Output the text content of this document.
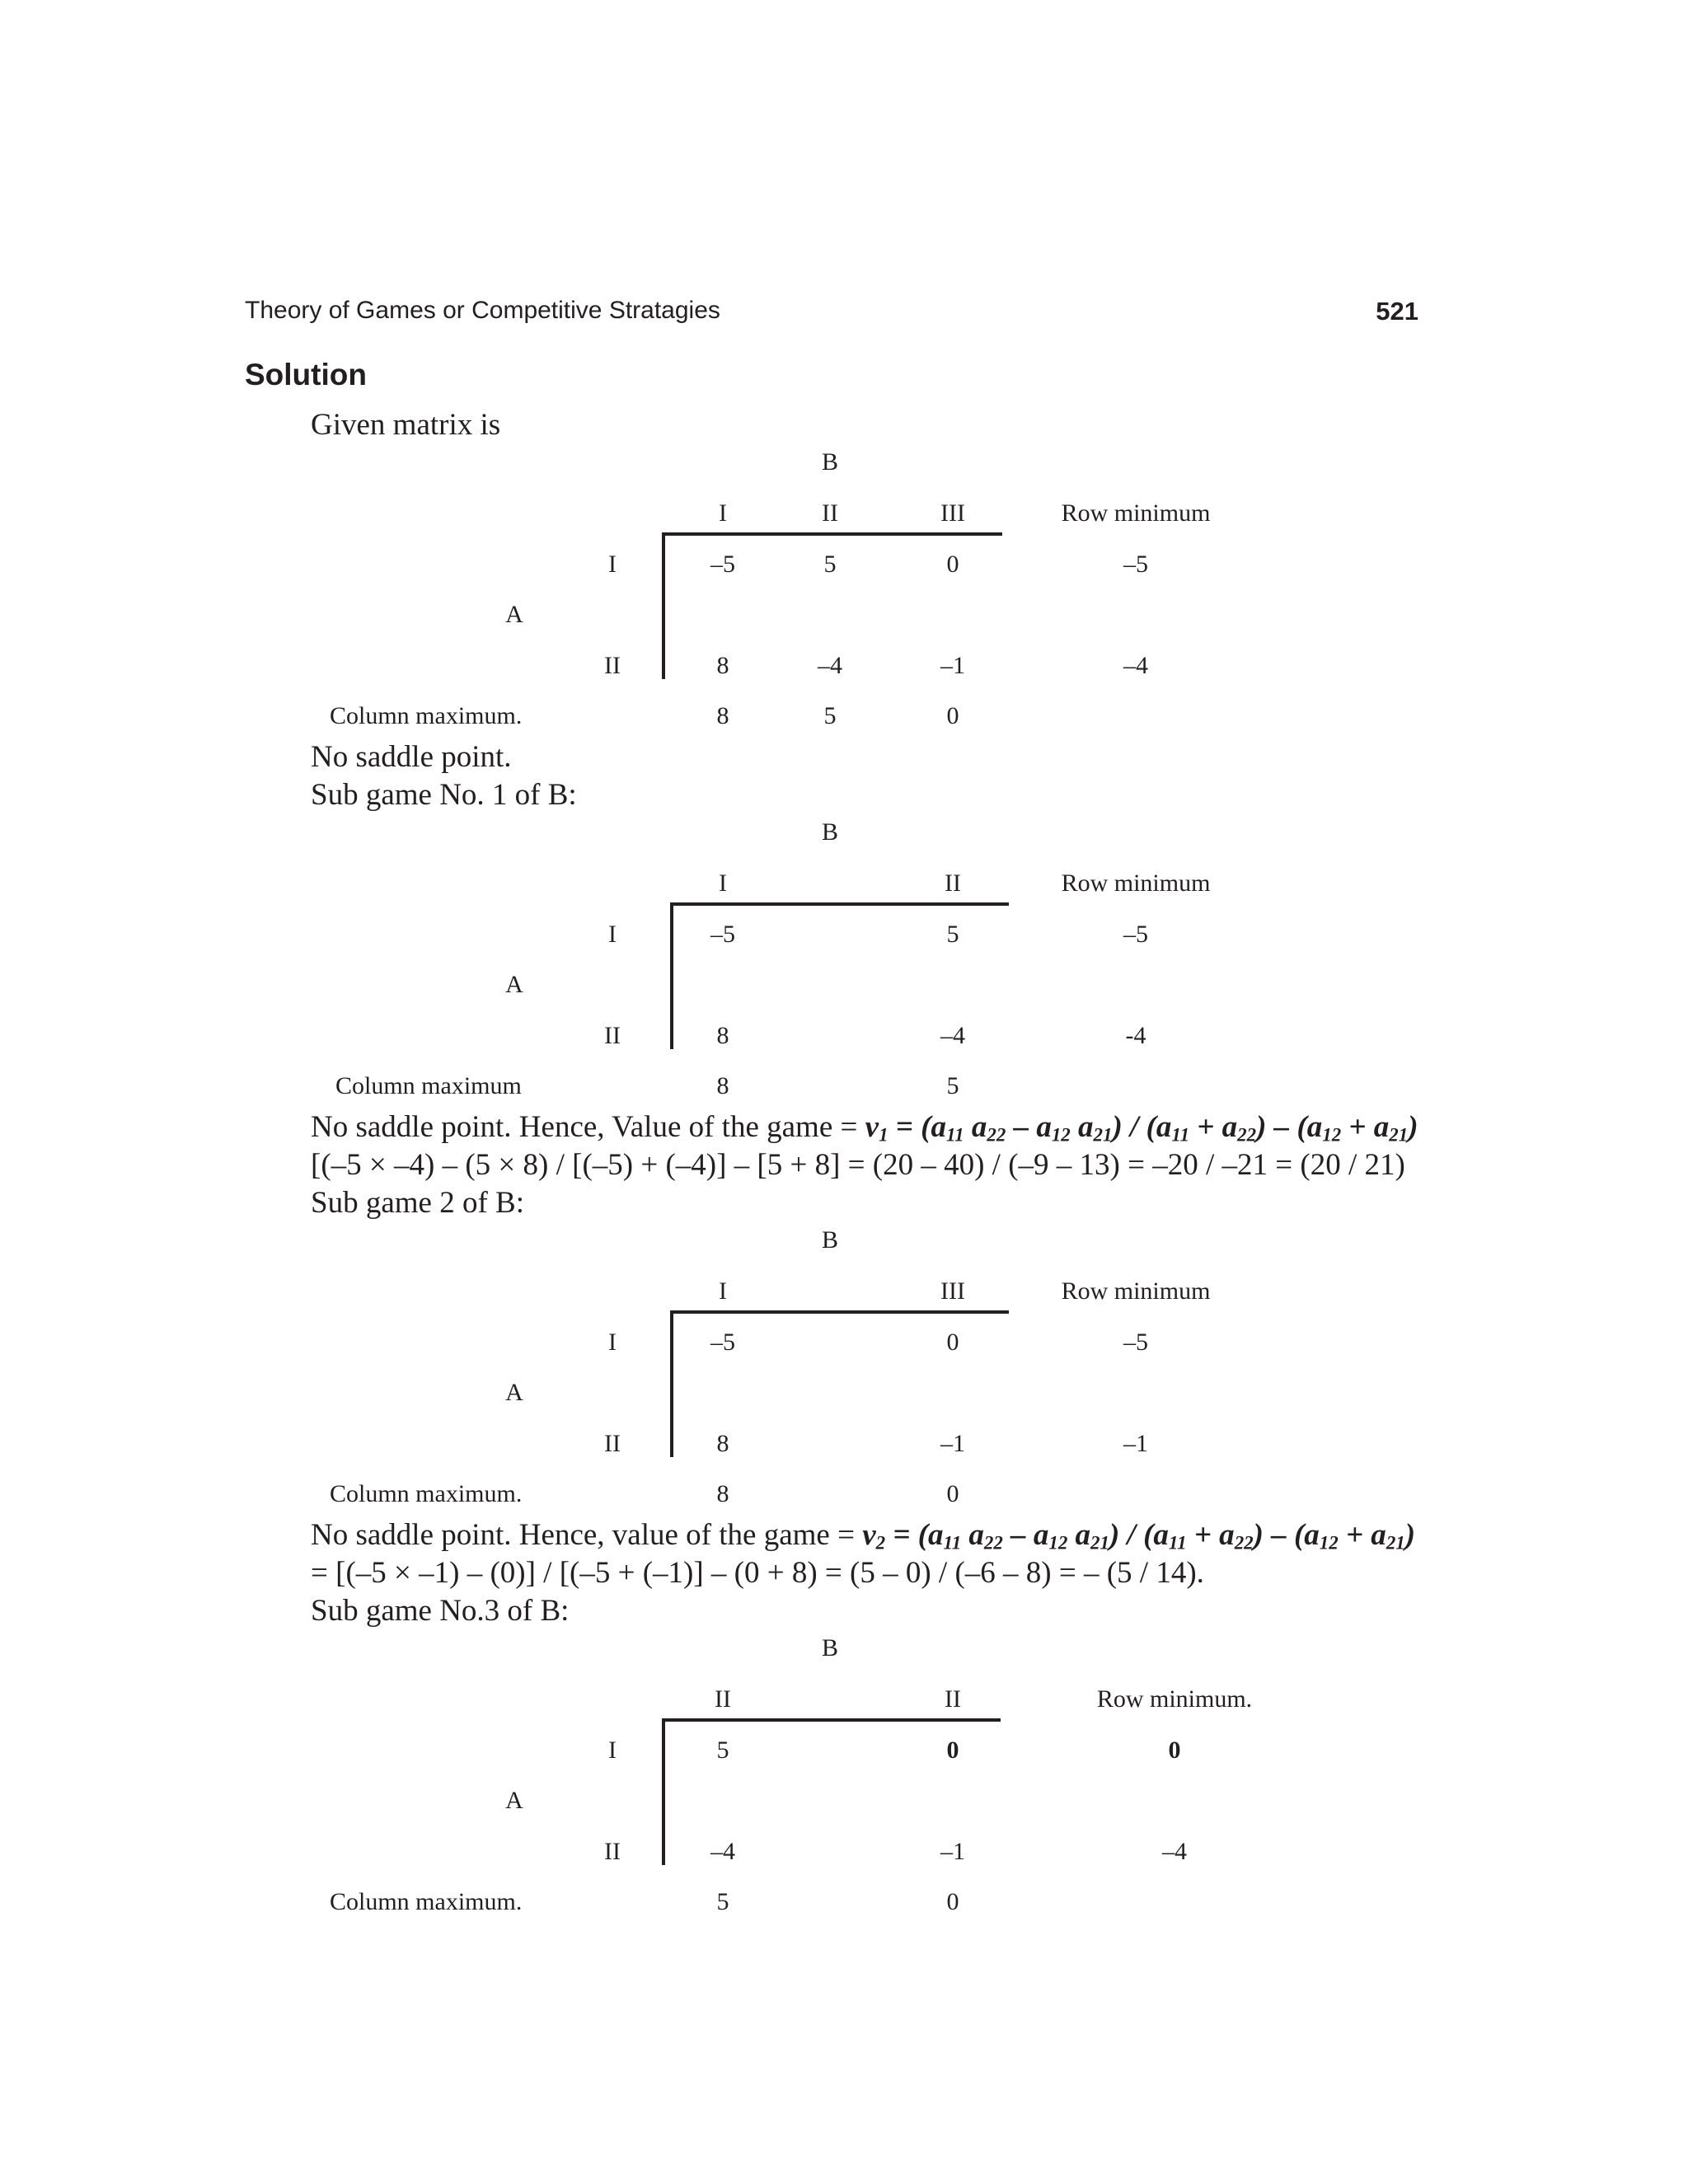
Theory of Games or Competitive Stratagies	521
Solution
Given matrix is
B
I	II	III	Row minimum
I	–5	5	0	–5
A
II	8	–4	–1	–4
Column maximum.	8	5	0
No saddle point.
Sub game No. 1 of B:
B
I	II	Row minimum
I	–5	5	–5
A
II	8	–4	-4
Column maximum	8	5
No saddle point. Hence, Value of the game = $v_1 = (a_{11}$ $a_{22} - a_{12}$ $a_{21}) / (a_{11} + a_{22}) - (a_{12} + a_{21})$
[(–5 × –4) – (5 × 8) / [(–5) + (–4)] – [5 + 8] = (20 – 40) / (–9 – 13) = –20 / –21 = (20 / 21)
Sub game 2 of B:
B
I	III	Row minimum
I	–5	0	–5
A
II	8	–1	–1
Column maximum.	8	0
No saddle point. Hence, value of the game = $v_2 = (a_{11}$ $a_{22} - a_{12}$ $a_{21}) / (a_{11} + a_{22}) - (a_{12} + a_{21})$
= [(–5 × –1) – (0)] / [(–5 + (–1)] – (0 + 8) = (5 – 0) / (–6 – 8) = – (5 / 14).
Sub game No.3 of B:
B
II	II	Row minimum.
I	5	0	0
A
II	–4	–1	–4
Column maximum.	5	0
